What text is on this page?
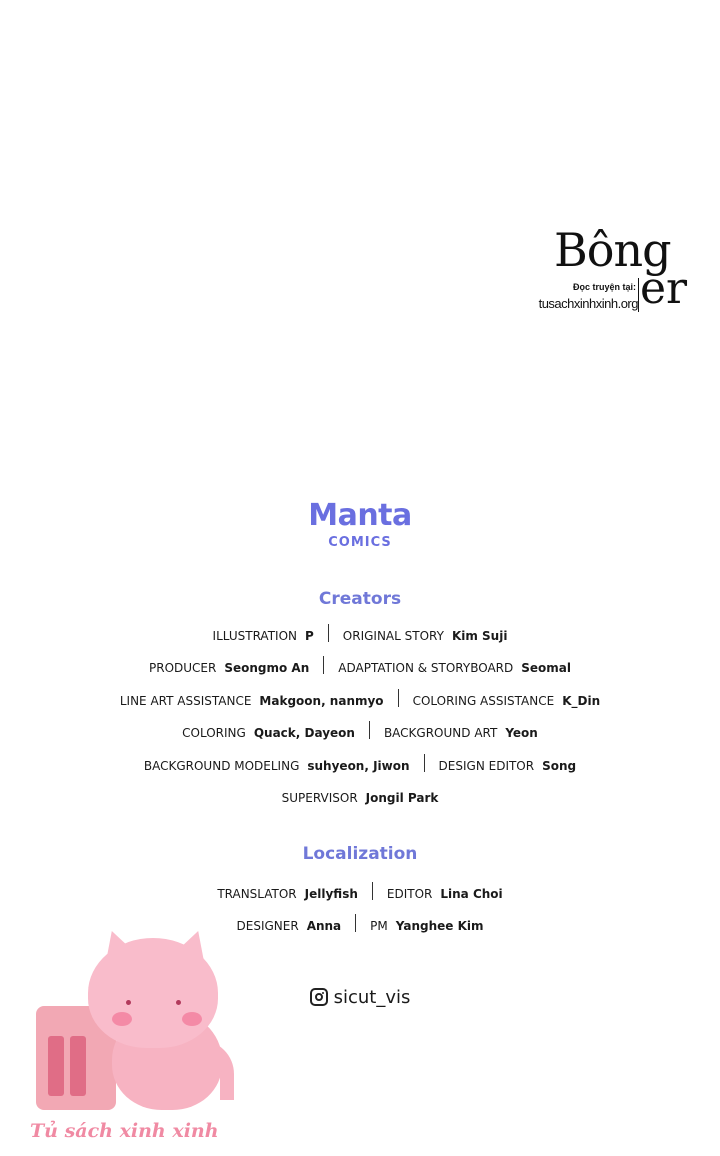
Bông
er
Đọc truyện tại:
tusachxinhxinh.org
Manta
COMICS
Creators
ILLUSTRATION P ORIGINAL STORY Kim Suji
PRODUCER Seongmo An ADAPTATION & STORYBOARD Seomal
LINE ART ASSISTANCE Makgoon, nanmyo COLORING ASSISTANCE K_Din
COLORING Quack, Dayeon BACKGROUND ART Yeon
BACKGROUND MODELING suhyeon, Jiwon DESIGN EDITOR Song
SUPERVISOR Jongil Park
Localization
TRANSLATOR Jellyfish EDITOR Lina Choi
DESIGNER Anna PM Yanghee Kim
sicut_vis
Tủ sách xinh xinh
